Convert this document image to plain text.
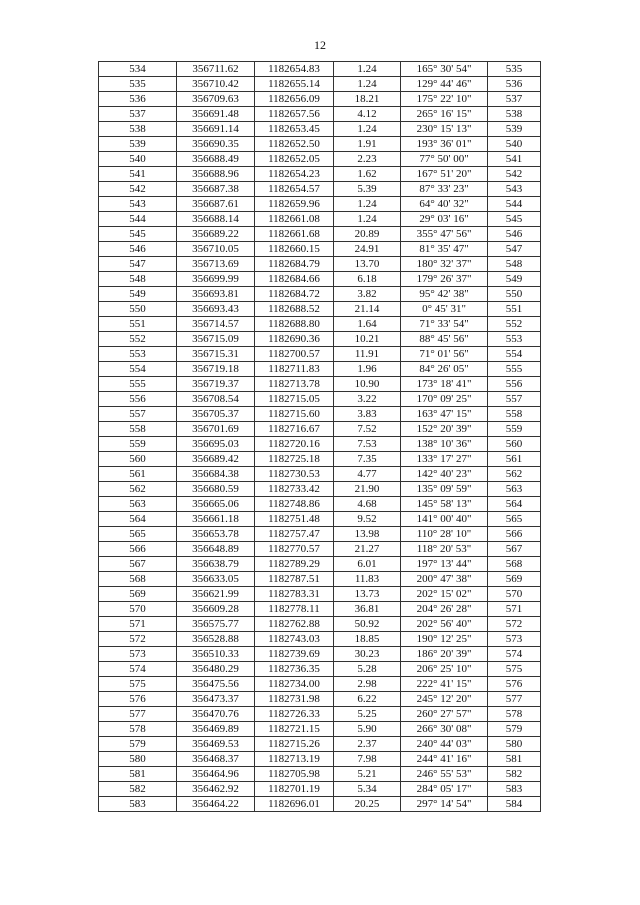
12
534	356711.62	1182654.83	1.24	165° 30' 54"	535
535	356710.42	1182655.14	1.24	129° 44' 46"	536
536	356709.63	1182656.09	18.21	175° 22' 10"	537
537	356691.48	1182657.56	4.12	265° 16' 15"	538
538	356691.14	1182653.45	1.24	230° 15' 13"	539
539	356690.35	1182652.50	1.91	193° 36' 01"	540
540	356688.49	1182652.05	2.23	77° 50' 00"	541
541	356688.96	1182654.23	1.62	167° 51' 20"	542
542	356687.38	1182654.57	5.39	87° 33' 23"	543
543	356687.61	1182659.96	1.24	64° 40' 32"	544
544	356688.14	1182661.08	1.24	29° 03' 16"	545
545	356689.22	1182661.68	20.89	355° 47' 56"	546
546	356710.05	1182660.15	24.91	81° 35' 47"	547
547	356713.69	1182684.79	13.70	180° 32' 37"	548
548	356699.99	1182684.66	6.18	179° 26' 37"	549
549	356693.81	1182684.72	3.82	95° 42' 38"	550
550	356693.43	1182688.52	21.14	0° 45' 31"	551
551	356714.57	1182688.80	1.64	71° 33' 54"	552
552	356715.09	1182690.36	10.21	88° 45' 56"	553
553	356715.31	1182700.57	11.91	71° 01' 56"	554
554	356719.18	1182711.83	1.96	84° 26' 05"	555
555	356719.37	1182713.78	10.90	173° 18' 41"	556
556	356708.54	1182715.05	3.22	170° 09' 25"	557
557	356705.37	1182715.60	3.83	163° 47' 15"	558
558	356701.69	1182716.67	7.52	152° 20' 39"	559
559	356695.03	1182720.16	7.53	138° 10' 36"	560
560	356689.42	1182725.18	7.35	133° 17' 27"	561
561	356684.38	1182730.53	4.77	142° 40' 23"	562
562	356680.59	1182733.42	21.90	135° 09' 59"	563
563	356665.06	1182748.86	4.68	145° 58' 13"	564
564	356661.18	1182751.48	9.52	141° 00' 40"	565
565	356653.78	1182757.47	13.98	110° 28' 10"	566
566	356648.89	1182770.57	21.27	118° 20' 53"	567
567	356638.79	1182789.29	6.01	197° 13' 44"	568
568	356633.05	1182787.51	11.83	200° 47' 38"	569
569	356621.99	1182783.31	13.73	202° 15' 02"	570
570	356609.28	1182778.11	36.81	204° 26' 28"	571
571	356575.77	1182762.88	50.92	202° 56' 40"	572
572	356528.88	1182743.03	18.85	190° 12' 25"	573
573	356510.33	1182739.69	30.23	186° 20' 39"	574
574	356480.29	1182736.35	5.28	206° 25' 10"	575
575	356475.56	1182734.00	2.98	222° 41' 15"	576
576	356473.37	1182731.98	6.22	245° 12' 20"	577
577	356470.76	1182726.33	5.25	260° 27' 57"	578
578	356469.89	1182721.15	5.90	266° 30' 08"	579
579	356469.53	1182715.26	2.37	240° 44' 03"	580
580	356468.37	1182713.19	7.98	244° 41' 16"	581
581	356464.96	1182705.98	5.21	246° 55' 53"	582
582	356462.92	1182701.19	5.34	284° 05' 17"	583
583	356464.22	1182696.01	20.25	297° 14' 54"	584
